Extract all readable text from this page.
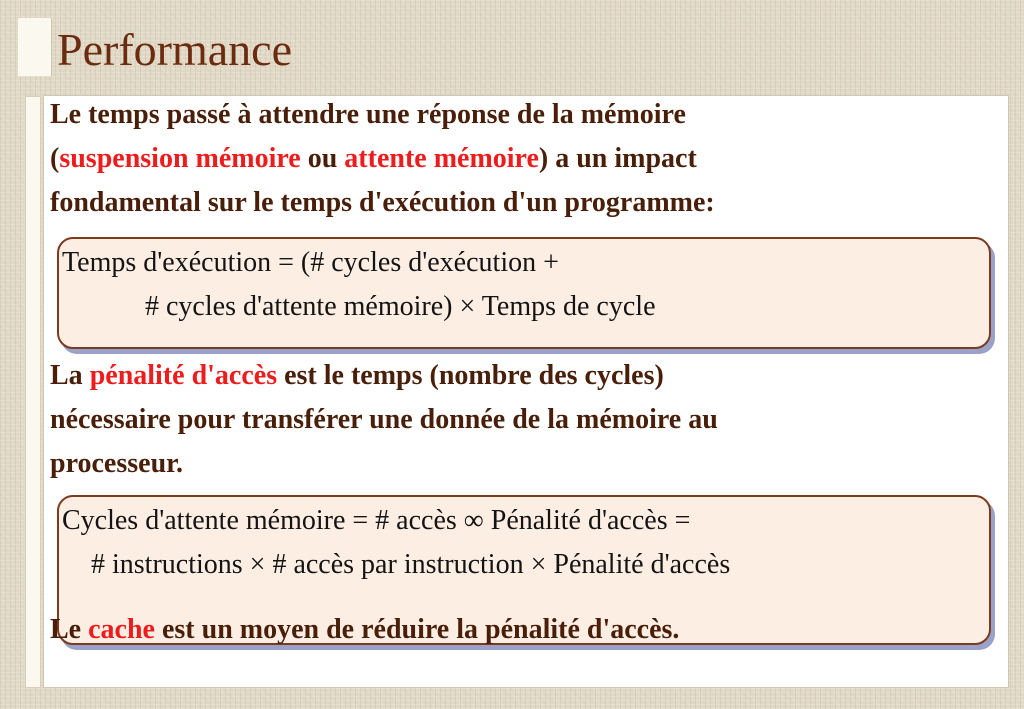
Performance

Le temps passé à attendre une réponse de la mémoire
(suspension mémoire ou attente mémoire) a un impact
fondamental sur le temps d'exécution d'un programme:

Temps d'exécution = (# cycles d'exécution +
# cycles d'attente mémoire) × Temps de cycle

La pénalité d'accès est le temps (nombre des cycles)
nécessaire pour transférer une donnée de la mémoire au
processeur.

Cycles d'attente mémoire = # accès ∞ Pénalité d'accès =
# instructions × # accès par instruction × Pénalité d'accès

Le cache est un moyen de réduire la pénalité d'accès.
